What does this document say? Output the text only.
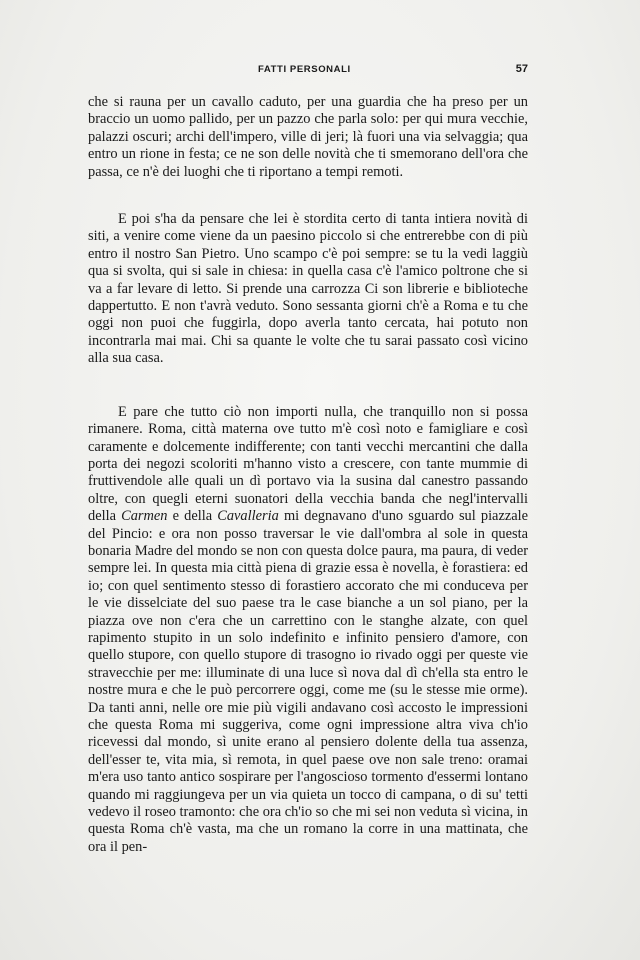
FATTI PERSONALI	57

che si rauna per un cavallo caduto, per una guardia che ha preso per un braccio un uomo pallido, per un pazzo che parla solo: per qui mura vecchie, palazzi oscuri; archi dell'impero, ville di jeri; là fuori una via selvaggia; qua entro un rione in festa; ce ne son delle novità che ti smemorano dell'ora che passa, ce n'è dei luoghi che ti riportano a tempi remoti.

E poi s'ha da pensare che lei è stordita certo di tanta intiera novità di siti, a venire come viene da un paesino piccolo si che entrerebbe con di più entro il nostro San Pietro. Uno scampo c'è poi sempre: se tu la vedi laggiù qua si svolta, qui si sale in chiesa: in quella casa c'è l'amico poltrone che si va a far levare di letto. Si prende una carrozza Ci son librerie e biblioteche dappertutto. E non t'avrà veduto. Sono sessanta giorni ch'è a Roma e tu che oggi non puoi che fuggirla, dopo averla tanto cercata, hai potuto non incontrarla mai mai. Chi sa quante le volte che tu sarai passato così vicino alla sua casa.

E pare che tutto ciò non importi nulla, che tranquillo non si possa rimanere. Roma, città materna ove tutto m'è così noto e famigliare e così caramente e dolcemente indifferente; con tanti vecchi mercantini che dalla porta dei negozi scoloriti m'hanno visto a crescere, con tante mummie di fruttivendole alle quali un dì portavo via la susina dal canestro passando oltre, con quegli eterni suonatori della vecchia banda che negl'intervalli della Carmen e della Cavalleria mi degnavano d'uno sguardo sul piazzale del Pincio: e ora non posso traversar le vie dall'ombra al sole in questa bonaria Madre del mondo se non con questa dolce paura, ma paura, di veder sempre lei. In questa mia città piena di grazie essa è novella, è forastiera: ed io; con quel sentimento stesso di forastiero accorato che mi conduceva per le vie disselciate del suo paese tra le case bianche a un sol piano, per la piazza ove non c'era che un carrettino con le stanghe alzate, con quel rapimento stupito in un solo indefinito e infinito pensiero d'amore, con quello stupore, con quello stupore di trasogno io rivado oggi per queste vie stravecchie per me: illuminate di una luce sì nova dal dì ch'ella sta entro le nostre mura e che le può percorrere oggi, come me (su le stesse mie orme). Da tanti anni, nelle ore mie più vigili andavano così accosto le impressioni che questa Roma mi suggeriva, come ogni impressione altra viva ch'io ricevessi dal mondo, sì unite erano al pensiero dolente della tua assenza, dell'esser te, vita mia, sì remota, in quel paese ove non sale treno: oramai m'era uso tanto antico sospirare per l'angoscioso tormento d'essermi lontano quando mi raggiungeva per un via quieta un tocco di campana, o di su' tetti vedevo il roseo tramonto: che ora ch'io so che mi sei non veduta sì vicina, in questa Roma ch'è vasta, ma che un romano la corre in una mattinata, che ora il pen-
